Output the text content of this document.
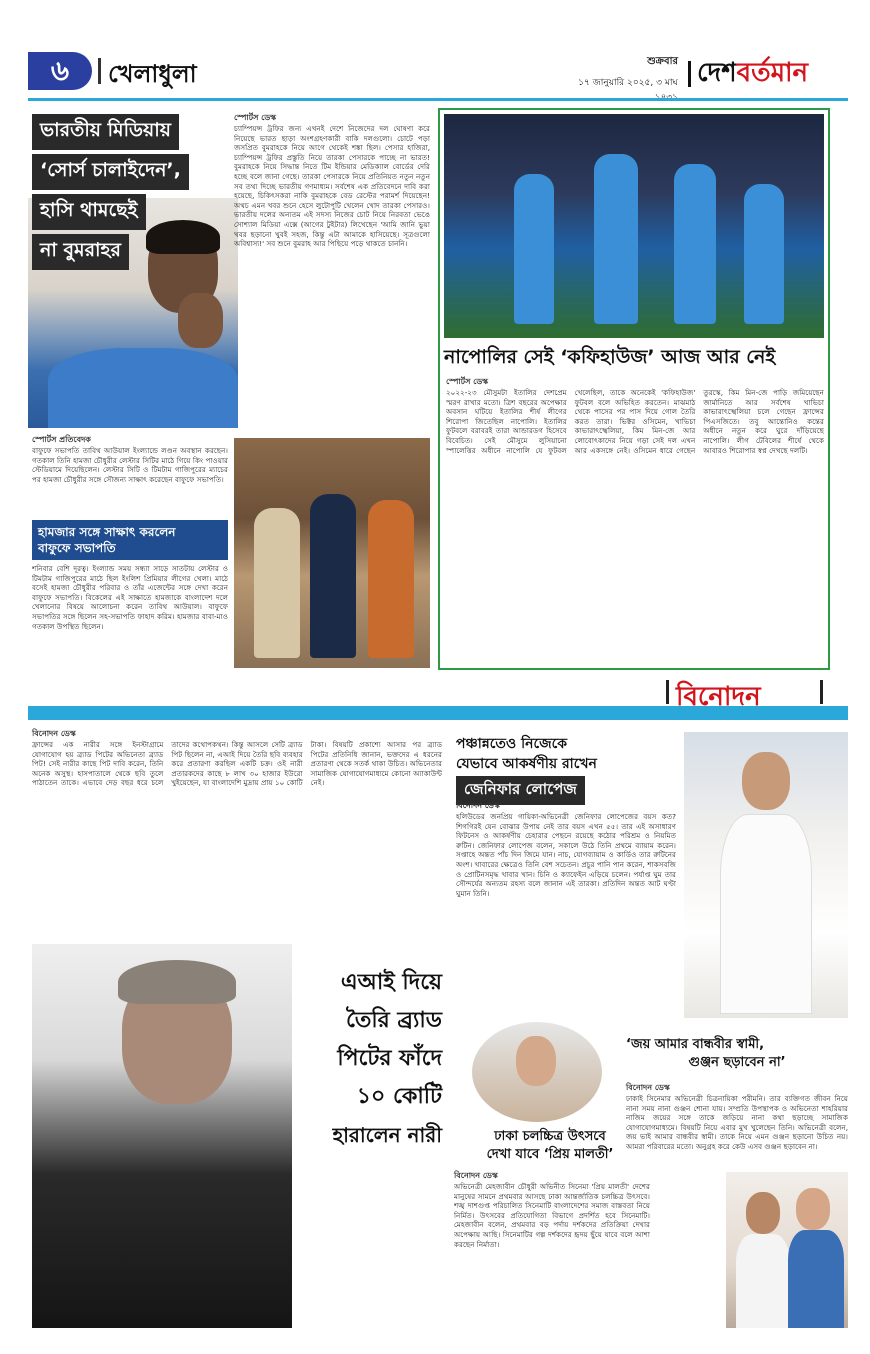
৬	খেলাধুলা	শুক্রবার
১৭ জানুয়ারি ২০২৫, ৩ মাঘ দেশবর্তমান
ভারতীয় মিডিয়ায় ‘সোর্স চালাইদেন’, হাসি থামছেই না বুমরাহর
স্পোর্টস ডেস্ক
চ্যাম্পিয়ন্স ট্রফির জন্য এখনই দেশে নিজেদের দল ঘোষণা করে নিয়েছে ভারত ছাড়া অংশগ্রহণকারী বাকি দলগুলো। চোটে পড়া জসপ্রিত বুমরাহকে নিয়ে আগে থেকেই শঙ্কা ছিল। পেসার হাজিরা, চ্যাম্পিয়ন্স ট্রফির প্রস্তুতি নিয়ে তারকা পেসারকে পাচ্ছে না ভারত! বুমরাহকে নিয়ে সিদ্ধান্ত নিতে টিম ইন্ডিয়ার মেডিক্যাল বোর্ডের দেরি হচ্ছে বলে জানা গেছে। তারকা পেসারকে নিয়ে প্রতিনিয়ত নতুন নতুন সব তথ্য দিচ্ছে ভারতীয় গণমাধ্যম। সর্বশেষ এক প্রতিবেদনে দাবি করা হয়েছে, চিকিৎসকরা নাকি বুমরাহকে বেড রেস্টের পরামর্শ দিয়েছেন! অথচ এমন খবর শুনে হেসে লুটোপুটি খেলেন খোদ তারকা পেসারও। ভারতীয় দলের অন্যতম এই সদস্য নিজের চোট নিয়ে নিরবতা ভেঙে সোশ্যাল মিডিয়া এক্সে (আগের টুইটার) লিখেছেন 'আমি জানি ভুয়া খবর ছড়ানো খুবই সহজ, কিন্তু এটা আমাকে হাসিয়েছে। সূত্রগুলো অবিশ্বাস্য!' সব শুনে বুমরাহ আর পিছিয়ে পড়ে থাকতে চাননি।
স্পোর্টস প্রতিবেদক
বাফুফে সভাপতি তাবিথ আউয়াল ইংল্যান্ডে লণ্ডন অবস্থান করছেন। গতকাল তিনি হামজা চৌধুরীর লেস্টার সিটির মাঠে গিয়ে কিং পাওয়ার স্টেডিয়ামে দিয়েছিলেন। লেস্টার সিটি ও টিমটাম গাজিপুরের ম্যাচের পর হামজা চৌধুরীর সঙ্গে সৌজন্য সাক্ষাৎ করেছেন বাফুফে সভাপতি।
হামজার সঙ্গে সাক্ষাৎ করলেন
বাফুফে সভাপতি
শনিবার বেশি দূরত্ব। ইংল্যান্ড সময় সন্ধ্যা সাড়ে সাতটায় লেস্টার ও টিমটাম গাজিপুরের মাঠে ছিল ইংলিশ প্রিমিয়ার লীগের খেলা। মাঠে বসেই হামজা চৌধুরীর পরিবার ও তাঁর এজেন্টের সঙ্গে দেখা করেন বাফুফে সভাপতি। বিকেলের এই সাক্ষাতে হামজাকে বাংলাদেশ দলে খেলানোর বিষয়ে আলোচনা করেন তাবিথ আউয়াল। বাফুফে সভাপতির সঙ্গে ছিলেন সহ-সভাপতি ফাহাদ করিম। হামজার বাবা-মাও গতকাল উপস্থিত ছিলেন।
নাপোলির সেই ‘কফিহাউজ’ আজ আর নেই
স্পোর্টস ডেস্ক
২০২২-২৩ মৌসুমটা ইতালির দেশপ্রেম স্মরণ রাখার মতো। ত্রিশ বছরের অপেক্ষার অবসান ঘটিয়ে ইতালির শীর্ষ লীগের শিরোপা জিতেছিল নাপোলি। ইতালির ফুটবলে বরাবরই তারা আন্ডারডগ হিসেবে বিবেচিত। সেই মৌসুমে লুসিয়ানো স্পালেত্তির অধীনে নাপোলি যে ফুটবল খেলেছিল, তাকে অনেকেই 'কফিহাউজ' ফুটবল বলে অভিহিত করতেন। মাঝমাঠ থেকে পাসের পর পাস দিয়ে গোল তৈরি করত তারা। ভিক্টর ওসিমেন, খাভিচা কাভারাৎস্খেলিয়া, কিম মিন-জে আর লোবোৎকাদের নিয়ে গড়া সেই দল এখন আর একসঙ্গে নেই। ওসিমেন ধারে গেছেন তুরস্কে, কিম মিন-জে পাড়ি জমিয়েছেন জার্মানিতে আর সর্বশেষ খাভিচা কাভারাৎস্খেলিয়া চলে গেছেন ফ্রান্সের পিএসজিতে। তবু আন্তোনিও কন্তের অধীনে নতুন করে ঘুরে দাঁড়িয়েছে নাপোলি। লীগ টেবিলের শীর্ষে থেকে আবারও শিরোপার স্বপ্ন দেখছে দলটি।
বিনোদন
বিনোদন ডেস্ক
ফ্রান্সের এক নারীর সঙ্গে ইনস্টাগ্রামে যোগাযোগ হয় ব্র্যাড পিটের অভিনেতা ব্র্যাড পিট! সেই নারীর কাছে পিট দাবি করেন, তিনি অনেক অসুস্থ। হাসপাতালে থেকে ছবি তুলে পাঠাতেন তাকে। এভাবে দেড় বছর ধরে চলে তাদের কথোপকথন। কিন্তু আসলে সেটি ব্র্যাড পিট ছিলেন না, এআই দিয়ে তৈরি ছবি ব্যবহার করে প্রতারণা করছিল একটি চক্র। ওই নারী প্রতারকদের কাছে ৮ লাখ ৩০ হাজার ইউরো খুইয়েছেন, যা বাংলাদেশি মুদ্রায় প্রায় ১০ কোটি টাকা। বিষয়টি প্রকাশ্যে আসার পর ব্র্যাড পিটের প্রতিনিধি জানান, ভক্তদের এ ধরনের প্রতারণা থেকে সতর্ক থাকা উচিত। অভিনেতার সামাজিক যোগাযোগমাধ্যমে কোনো অ্যাকাউন্ট নেই।
এআই দিয়ে
তৈরি ব্র্যাড
পিটের ফাঁদে
১০ কোটি
হারালেন নারী
পঞ্চান্নতেও নিজেকে
যেভাবে আকর্ষণীয় রাখেন
জেনিফার লোপেজ
বিনোদন ডেস্ক
হলিউডের জনপ্রিয় গায়িকা-অভিনেত্রী জেনিফার লোপেজের বয়স কত? শিগগিরই যেন বোঝার উপায় নেই তার বয়স এখন ৫৫। তার এই অসাধারণ ফিটনেস ও আকর্ষণীয় চেহারার পেছনে রয়েছে কঠোর পরিশ্রম ও নিয়মিত রুটিন। জেনিফার লোপেজ বলেন, সকালে উঠে তিনি প্রথমে ব্যায়াম করেন। সপ্তাহে অন্তত পাঁচ দিন জিমে যান। নাচ, যোগব্যায়াম ও কার্ডিও তার রুটিনের অংশ। খাবারের ক্ষেত্রেও তিনি বেশ সচেতন। প্রচুর পানি পান করেন, শাকসবজি ও প্রোটিনসমৃদ্ধ খাবার খান। চিনি ও ক্যাফেইন এড়িয়ে চলেন। পর্যাপ্ত ঘুম তার সৌন্দর্যের অন্যতম রহস্য বলে জানান এই তারকা। প্রতিদিন অন্তত আট ঘণ্টা ঘুমান তিনি।
ঢাকা চলচ্চিত্র উৎসবে
দেখা যাবে ‘প্রিয় মালতী’
বিনোদন ডেস্ক
অভিনেত্রী মেহজাবীন চৌধুরী অভিনীত সিনেমা 'প্রিয় মালতী' দেশের মানুষের সামনে প্রথমবার আসছে ঢাকা আন্তর্জাতিক চলচ্চিত্র উৎসবে। শঙ্খ দাশগুপ্ত পরিচালিত সিনেমাটি বাংলাদেশের সমাজ বাস্তবতা নিয়ে নির্মিত। উৎসবের প্রতিযোগিতা বিভাগে প্রদর্শিত হবে সিনেমাটি। মেহজাবীন বলেন, প্রথমবার বড় পর্দায় দর্শকদের প্রতিক্রিয়া দেখার অপেক্ষায় আছি। সিনেমাটির গল্প দর্শকদের হৃদয় ছুঁয়ে যাবে বলে আশা করছেন নির্মাতা।
‘জয় আমার বান্ধবীর স্বামী,
গুঞ্জন ছড়াবেন না’
বিনোদন ডেস্ক
ঢাকাই সিনেমার অভিনেত্রী চিত্রনায়িকা পরীমনি। তার ব্যক্তিগত জীবন নিয়ে নানা সময় নানা গুঞ্জন শোনা যায়। সম্প্রতি উপস্থাপক ও অভিনেতা শাহরিয়ার নাজিম জয়ের সঙ্গে তাকে জড়িয়ে নানা কথা ছড়াচ্ছে সামাজিক যোগাযোগমাধ্যমে। বিষয়টি নিয়ে এবার মুখ খুলেছেন তিনি। অভিনেত্রী বলেন, জয় ভাই আমার বান্ধবীর স্বামী। তাকে নিয়ে এমন গুঞ্জন ছড়ানো উচিত নয়। আমরা পরিবারের মতো। অনুগ্রহ করে কেউ এসব গুঞ্জন ছড়াবেন না।
